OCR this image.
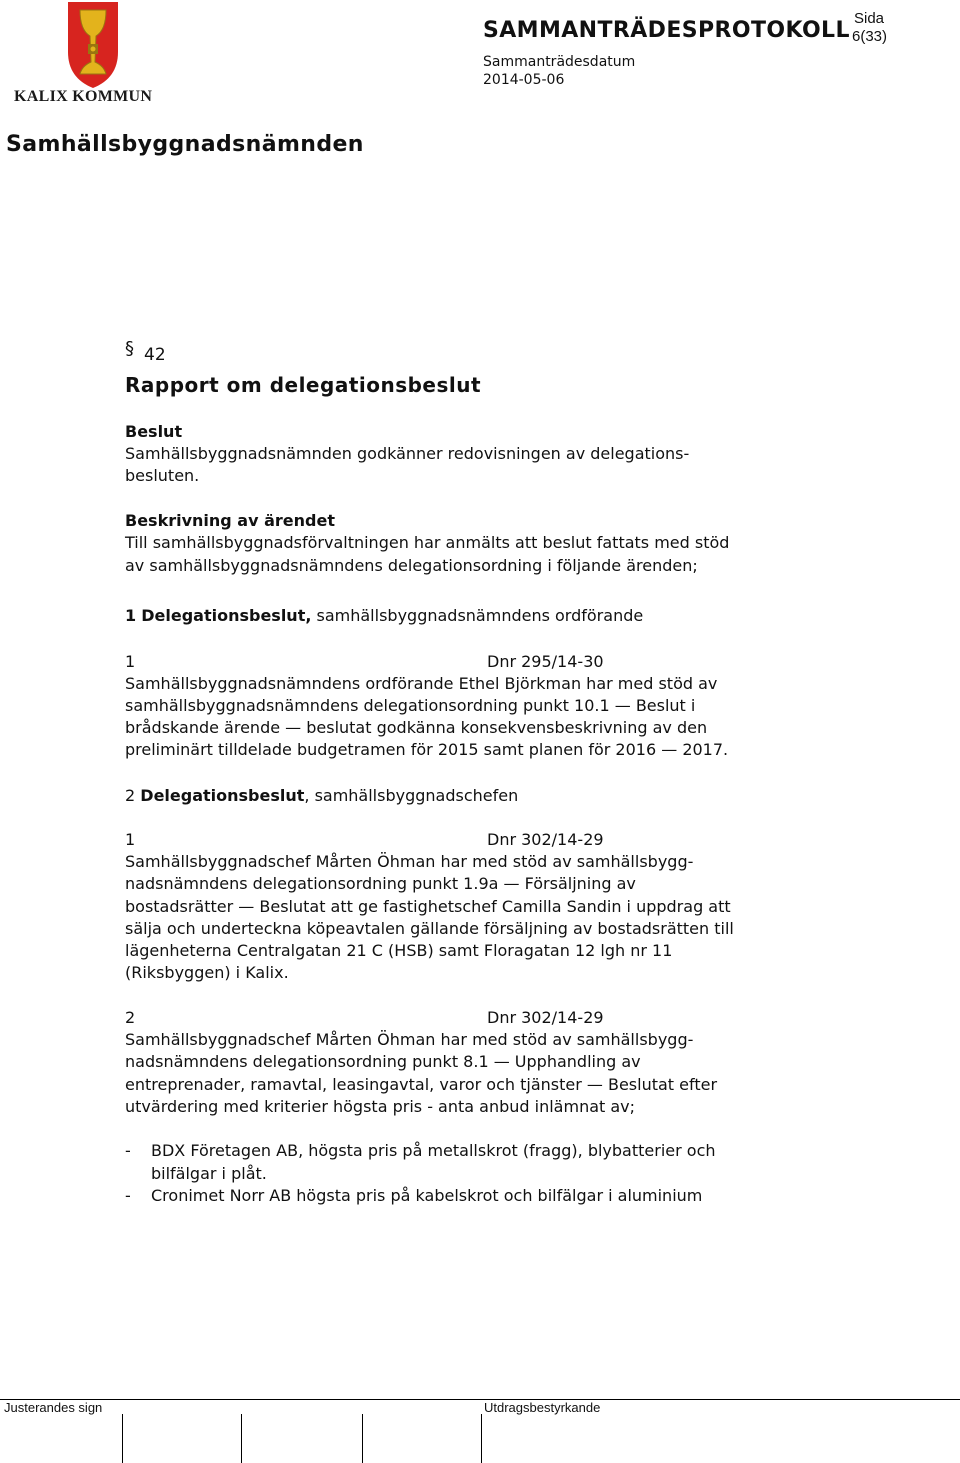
KALIX KOMMUN
SAMMANTRÄDESPROTOKOLL Sida
6(33)
Sammanträdesdatum
2014-05-06
Samhällsbyggnadsnämnden
§ 42
Rapport om delegationsbeslut
Beslut
Samhällsbyggnadsnämnden godkänner redovisningen av delegations-
besluten.
Beskrivning av ärendet
Till samhällsbyggnadsförvaltningen har anmälts att beslut fattats med stöd
av samhällsbyggnadsnämndens delegationsordning i följande ärenden;
1 Delegationsbeslut, samhällsbyggnadsnämndens ordförande
1	Dnr 295/14-30
Samhällsbyggnadsnämndens ordförande Ethel Björkman har med stöd av
samhällsbyggnadsnämndens delegationsordning punkt 10.1 — Beslut i
brådskande ärende — beslutat godkänna konsekvensbeskrivning av den
preliminärt tilldelade budgetramen för 2015 samt planen för 2016 — 2017.
2 Delegationsbeslut, samhällsbyggnadschefen
1	Dnr 302/14-29
Samhällsbyggnadschef Mårten Öhman har med stöd av samhällsbygg-
nadsnämndens delegationsordning punkt 1.9a — Försäljning av
bostadsrätter — Beslutat att ge fastighetschef Camilla Sandin i uppdrag att
sälja och underteckna köpeavtalen gällande försäljning av bostadsrätten till
lägenheterna Centralgatan 21 C (HSB) samt Floragatan 12 lgh nr 11
(Riksbyggen) i Kalix.
2	Dnr 302/14-29
Samhällsbyggnadschef Mårten Öhman har med stöd av samhällsbygg-
nadsnämndens delegationsordning punkt 8.1 — Upphandling av
entreprenader, ramavtal, leasingavtal, varor och tjänster — Beslutat efter
utvärdering med kriterier högsta pris - anta anbud inlämnat av;
- BDX Företagen AB, högsta pris på metallskrot (fragg), blybatterier och
bilfälgar i plåt.
- Cronimet Norr AB högsta pris på kabelskrot och bilfälgar i aluminium
Justerandes sign	Utdragsbestyrkande
